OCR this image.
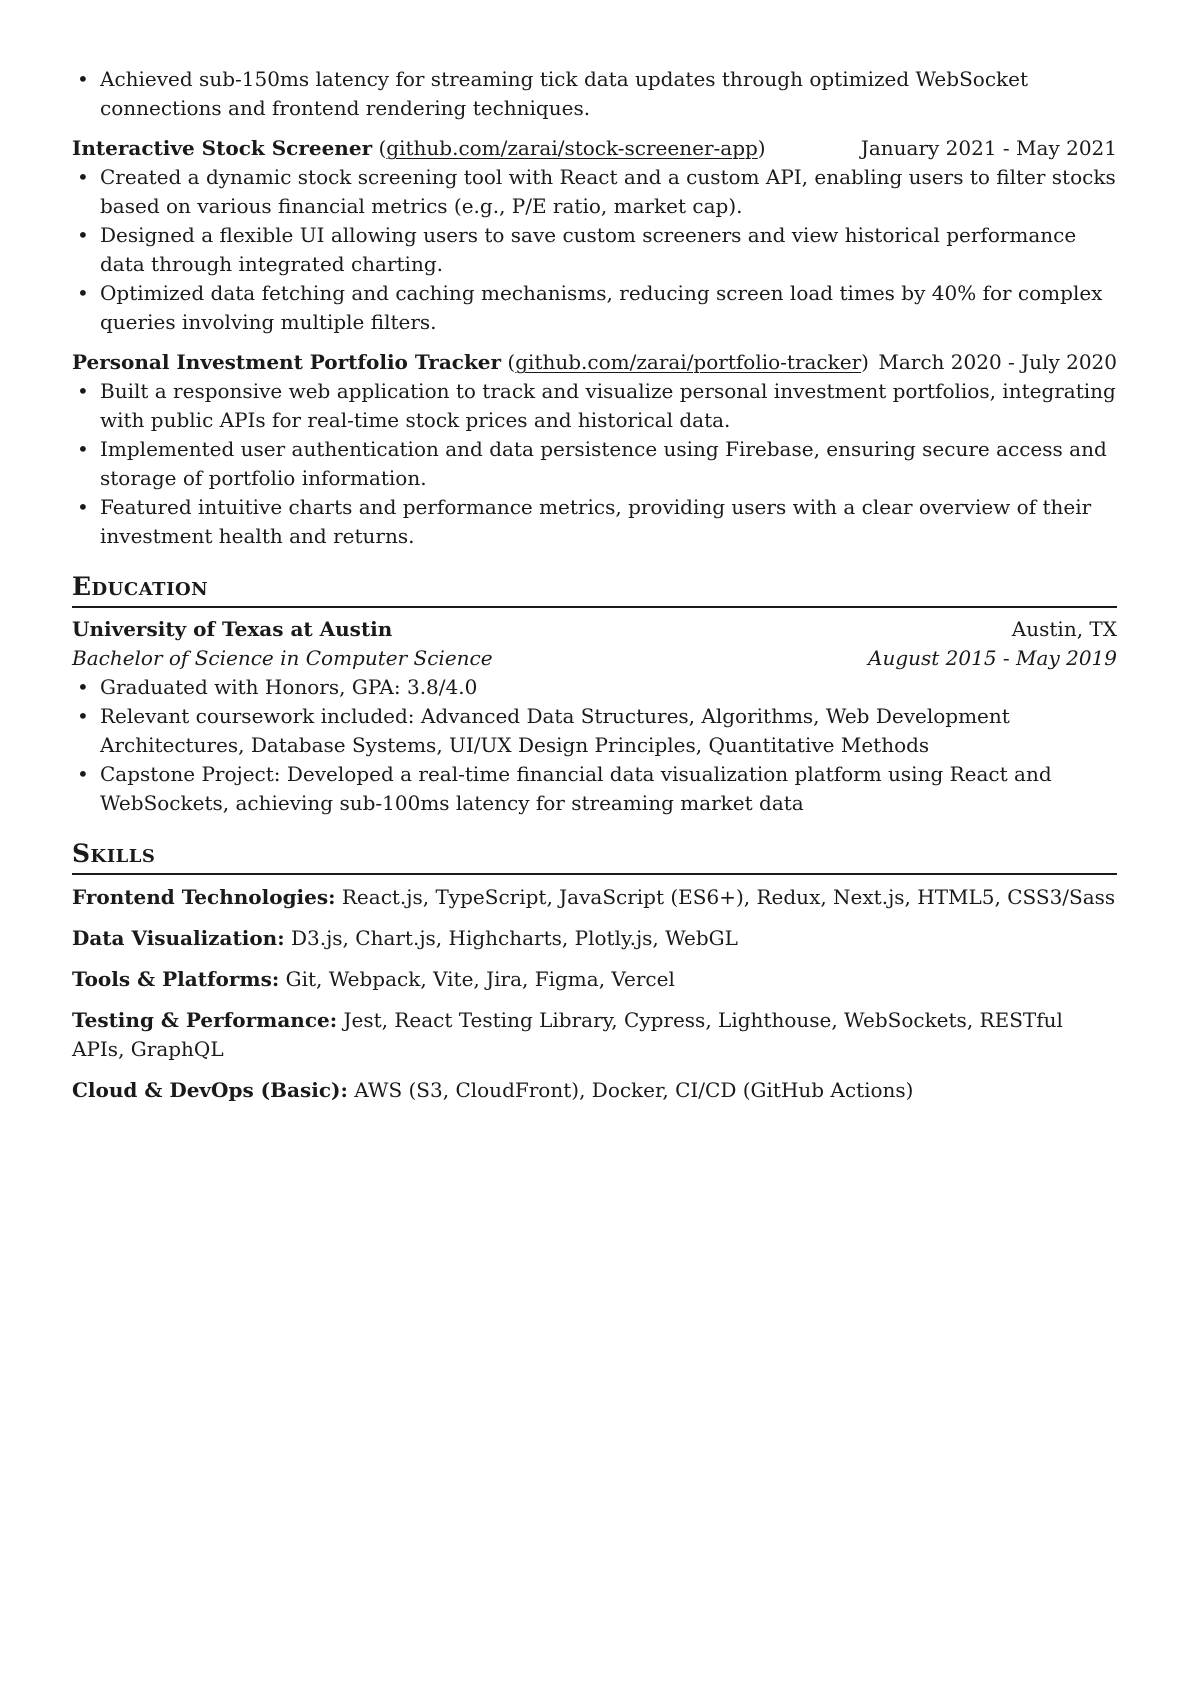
• Achieved sub-150ms latency for streaming tick data updates through optimized WebSocket connections and frontend rendering techniques.
Interactive Stock Screener (github.com/zarai/stock-screener-app)	January 2021 - May 2021
• Created a dynamic stock screening tool with React and a custom API, enabling users to filter stocks based on various financial metrics (e.g., P/E ratio, market cap).
• Designed a flexible UI allowing users to save custom screeners and view historical performance data through integrated charting.
• Optimized data fetching and caching mechanisms, reducing screen load times by 40% for complex queries involving multiple filters.
Personal Investment Portfolio Tracker (github.com/zarai/portfolio-tracker) March 2020 - July 2020
• Built a responsive web application to track and visualize personal investment portfolios, integrating with public APIs for real-time stock prices and historical data.
• Implemented user authentication and data persistence using Firebase, ensuring secure access and storage of portfolio information.
• Featured intuitive charts and performance metrics, providing users with a clear overview of their investment health and returns.
Education
University of Texas at Austin	Austin, TX
Bachelor of Science in Computer Science	August 2015 - May 2019
• Graduated with Honors, GPA: 3.8/4.0
• Relevant coursework included: Advanced Data Structures, Algorithms, Web Development Architectures, Database Systems, UI/UX Design Principles, Quantitative Methods
• Capstone Project: Developed a real-time financial data visualization platform using React and WebSockets, achieving sub-100ms latency for streaming market data
Skills
Frontend Technologies: React.js, TypeScript, JavaScript (ES6+), Redux, Next.js, HTML5, CSS3/Sass
Data Visualization: D3.js, Chart.js, Highcharts, Plotly.js, WebGL
Tools & Platforms: Git, Webpack, Vite, Jira, Figma, Vercel
Testing & Performance: Jest, React Testing Library, Cypress, Lighthouse, WebSockets, RESTful APIs, GraphQL
Cloud & DevOps (Basic): AWS (S3, CloudFront), Docker, CI/CD (GitHub Actions)
